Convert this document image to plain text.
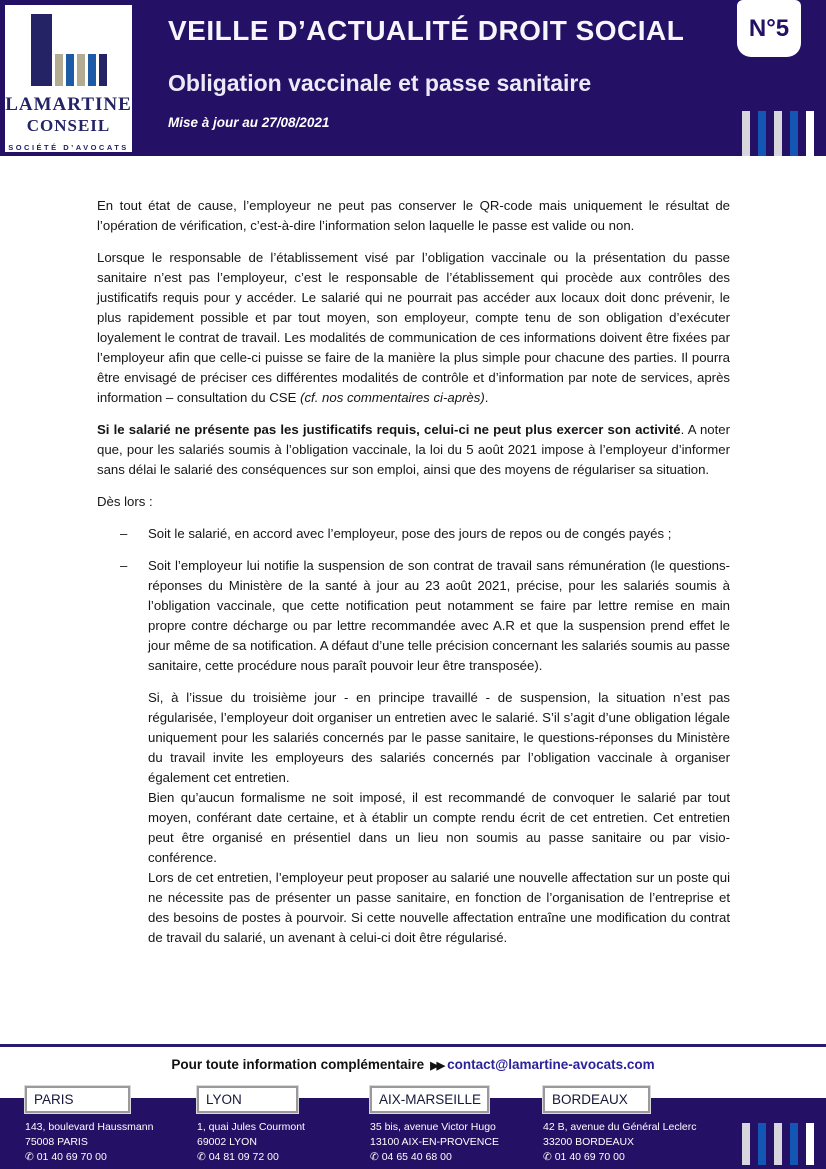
LAMARTINE
CONSEIL
SOCIÉTÉ D’AVOCATS
VEILLE D’ACTUALITÉ DROIT SOCIAL
Obligation vaccinale et passe sanitaire
Mise à jour au 27/08/2021
N°5
En tout état de cause, l’employeur ne peut pas conserver le QR-code mais uniquement le résultat de l’opération de vérification, c’est-à-dire l’information selon laquelle le passe est valide ou non.
Lorsque le responsable de l’établissement visé par l’obligation vaccinale ou la présentation du passe sanitaire n’est pas l’employeur, c’est le responsable de l’établissement qui procède aux contrôles des justificatifs requis pour y accéder. Le salarié qui ne pourrait pas accéder aux locaux doit donc prévenir, le plus rapidement possible et par tout moyen, son employeur, compte tenu de son obligation d’exécuter loyalement le contrat de travail. Les modalités de communication de ces informations doivent être fixées par l’employeur afin que celle-ci puisse se faire de la manière la plus simple pour chacune des parties. Il pourra être envisagé de préciser ces différentes modalités de contrôle et d’information par note de services, après information – consultation du CSE (cf. nos commentaires ci-après).
Si le salarié ne présente pas les justificatifs requis, celui-ci ne peut plus exercer son activité. A noter que, pour les salariés soumis à l’obligation vaccinale, la loi du 5 août 2021 impose à l’employeur d’informer sans délai le salarié des conséquences sur son emploi, ainsi que des moyens de régulariser sa situation.
Dès lors :
– Soit le salarié, en accord avec l’employeur, pose des jours de repos ou de congés payés ;
– Soit l’employeur lui notifie la suspension de son contrat de travail sans rémunération (le questions-réponses du Ministère de la santé à jour au 23 août 2021, précise, pour les salariés soumis à l’obligation vaccinale, que cette notification peut notamment se faire par lettre remise en main propre contre décharge ou par lettre recommandée avec A.R et que la suspension prend effet le jour même de sa notification. A défaut d’une telle précision concernant les salariés soumis au passe sanitaire, cette procédure nous paraît pouvoir leur être transposée).
Si, à l’issue du troisième jour - en principe travaillé - de suspension, la situation n’est pas régularisée, l’employeur doit organiser un entretien avec le salarié. S’il s’agit d’une obligation légale uniquement pour les salariés concernés par le passe sanitaire, le questions-réponses du Ministère du travail invite les employeurs des salariés concernés par l’obligation vaccinale à organiser également cet entretien.
Bien qu’aucun formalisme ne soit imposé, il est recommandé de convoquer le salarié par tout moyen, conférant date certaine, et à établir un compte rendu écrit de cet entretien. Cet entretien peut être organisé en présentiel dans un lieu non soumis au passe sanitaire ou par visio-conférence.
Lors de cet entretien, l’employeur peut proposer au salarié une nouvelle affectation sur un poste qui ne nécessite pas de présenter un passe sanitaire, en fonction de l’organisation de l’entreprise et des besoins de postes à pourvoir. Si cette nouvelle affectation entraîne une modification du contrat de travail du salarié, un avenant à celui-ci doit être régularisé.
Pour toute information complémentaire ▶▶ contact@lamartine-avocats.com
PARIS
143, boulevard Haussmann
75008 PARIS
✆ 01 40 69 70 00
LYON
1, quai Jules Courmont
69002 LYON
✆ 04 81 09 72 00
AIX-MARSEILLE
35 bis, avenue Victor Hugo
13100 AIX-EN-PROVENCE
✆ 04 65 40 68 00
BORDEAUX
42 B, avenue du Général Leclerc
33200 BORDEAUX
✆ 01 40 69 70 00
